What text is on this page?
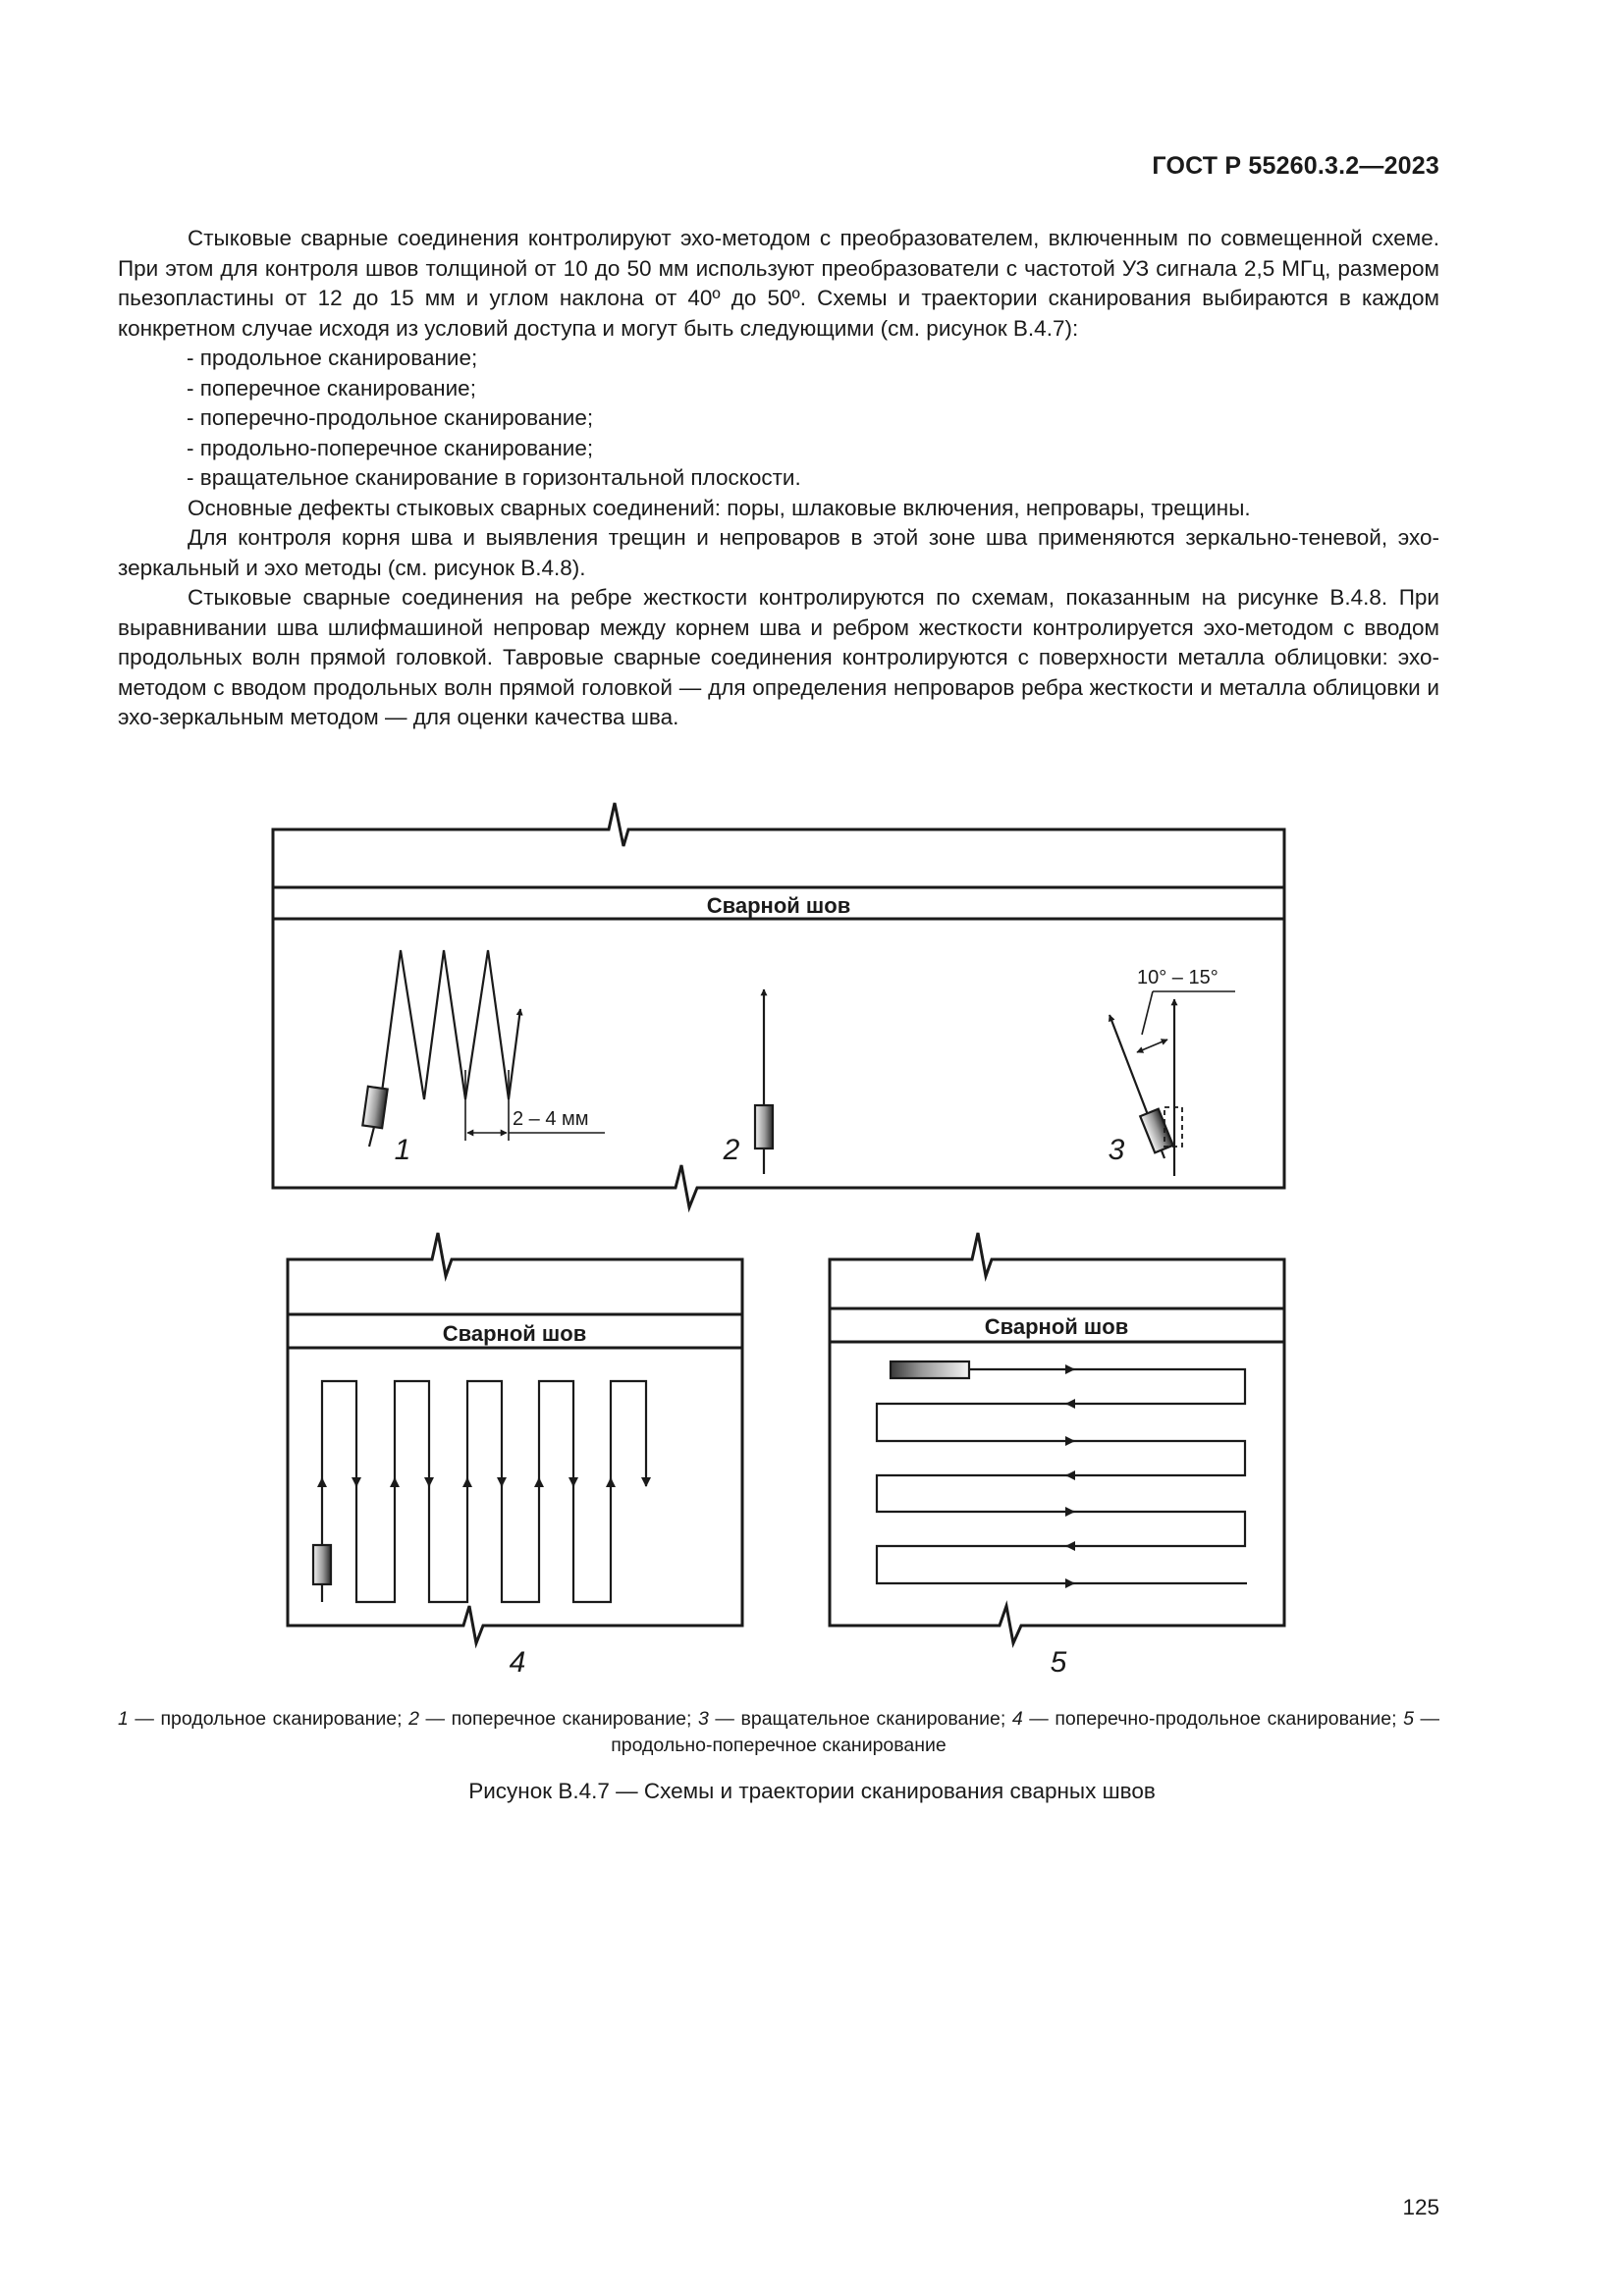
ГОСТ Р 55260.3.2—2023

Стыковые сварные соединения контролируют эхо-методом с преобразователем, включенным по совмещенной схеме. При этом для контроля швов толщиной от 10 до 50 мм используют преобразователи с частотой УЗ сигнала 2,5 МГц, размером пьезопластины от 12 до 15 мм и углом наклона от 40º до 50º. Схемы и траектории сканирования выбираются в каждом конкретном случае исходя из условий доступа и могут быть следующими (см. рисунок В.4.7):

- продольное сканирование;
- поперечное сканирование;
- поперечно-продольное сканирование;
- продольно-поперечное сканирование;
- вращательное сканирование в горизонтальной плоскости.

Основные дефекты стыковых сварных соединений: поры, шлаковые включения, непровары, трещины.

Для контроля корня шва и выявления трещин и непроваров в этой зоне шва применяются зеркально-теневой, эхо-зеркальный и эхо методы (см. рисунок В.4.8).

Стыковые сварные соединения на ребре жесткости контролируются по схемам, показанным на рисунке В.4.8. При выравнивании шва шлифмашиной непровар между корнем шва и ребром жесткости контролируется эхо-методом с вводом продольных волн прямой головкой. Тавровые сварные соединения контролируются с поверхности металла облицовки: эхо-методом с вводом продольных волн прямой головкой — для определения непроваров ребра жесткости и металла облицовки и эхо-зеркальным методом — для оценки качества шва.

Сварной шов
Сварной шов	Сварной шов
2 – 4 мм
10° – 15°
1	2	3
4	5
1 — продольное сканирование; 2 — поперечное сканирование; 3 — вращательное сканирование; 4 — поперечно-продольное сканирование; 5 — продольно-поперечное сканирование
Рисунок В.4.7 — Схемы и траектории сканирования сварных швов
125
